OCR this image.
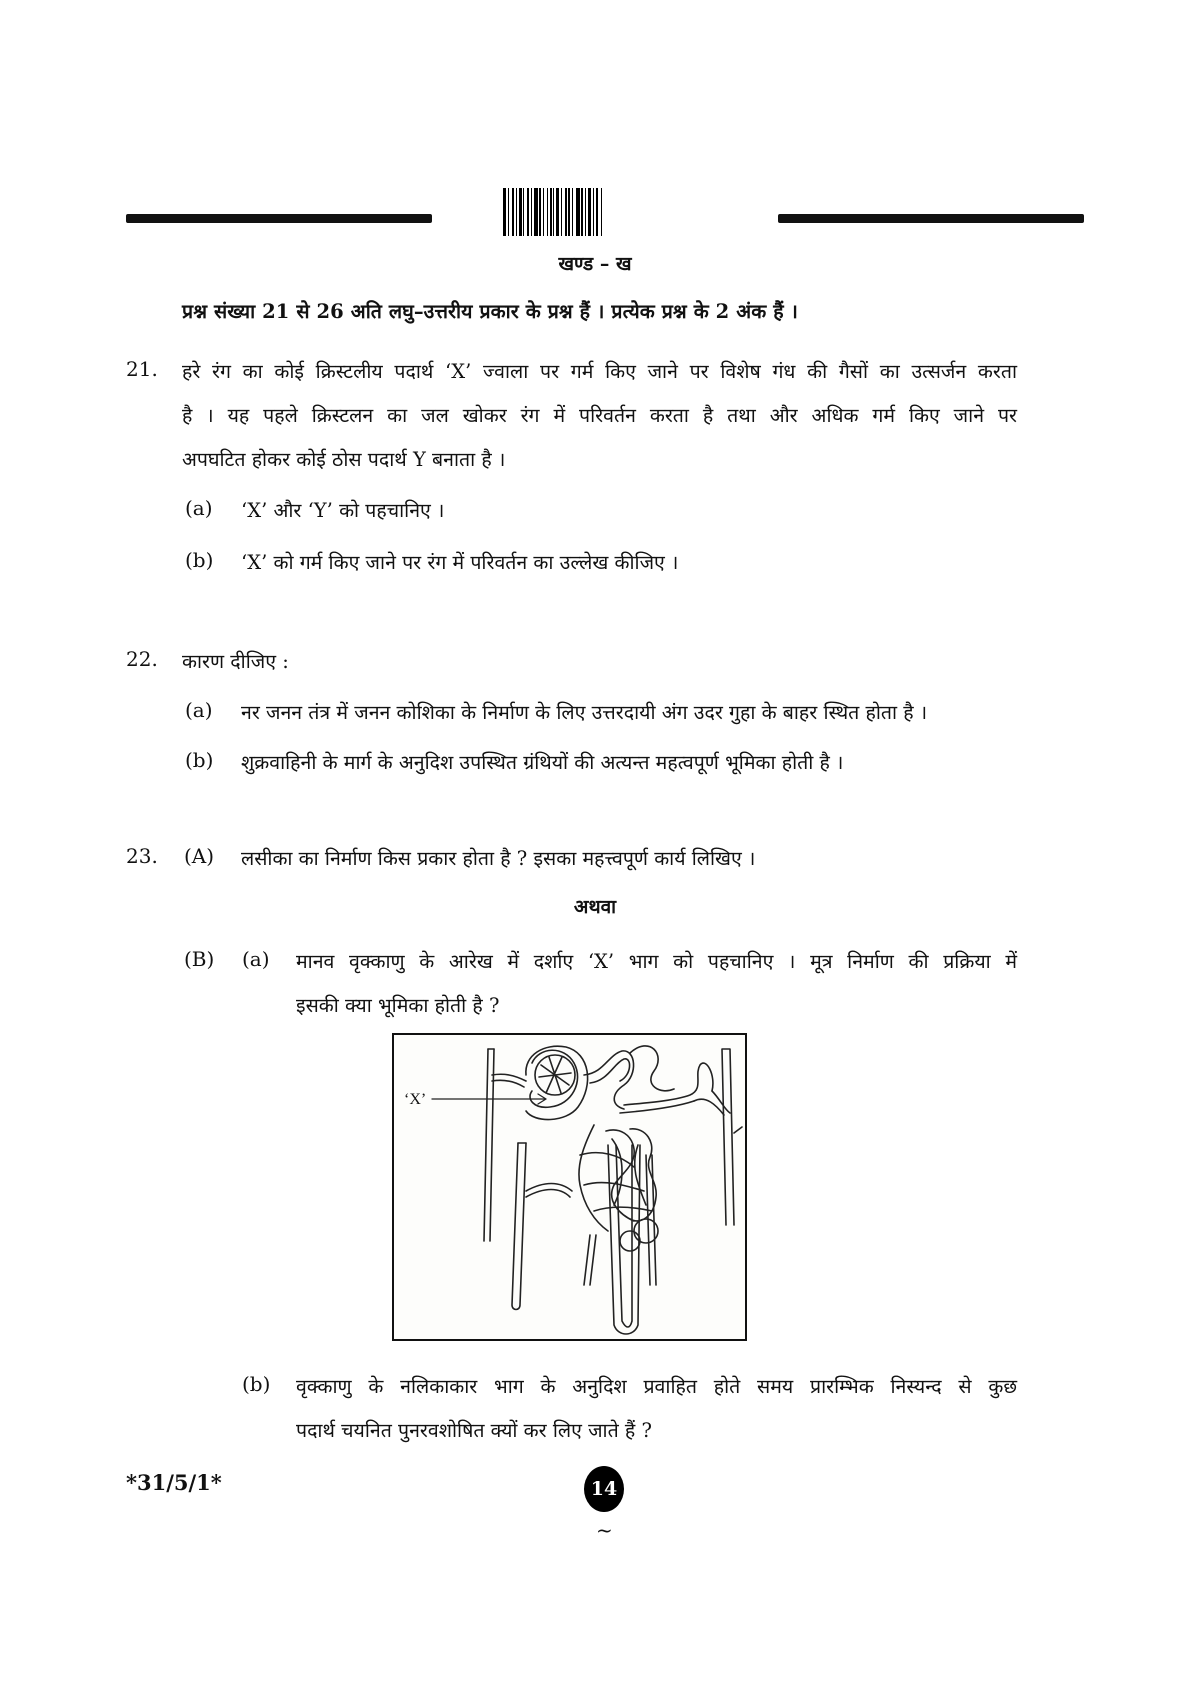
खण्ड – ख
प्रश्न संख्या 21 से 26 अति लघु–उत्तरीय प्रकार के प्रश्न हैं । प्रत्येक प्रश्न के 2 अंक हैं ।
21. हरे रंग का कोई क्रिस्टलीय पदार्थ ‘X’ ज्वाला पर गर्म किए जाने पर विशेष गंध की गैसों का उत्सर्जन करता
है । यह पहले क्रिस्टलन का जल खोकर रंग में परिवर्तन करता है तथा और अधिक गर्म किए जाने पर
अपघटित होकर कोई ठोस पदार्थ Y बनाता है ।
(a) ‘X’ और ‘Y’ को पहचानिए ।
(b) ‘X’ को गर्म किए जाने पर रंग में परिवर्तन का उल्लेख कीजिए ।
22. कारण दीजिए :
(a) नर जनन तंत्र में जनन कोशिका के निर्माण के लिए उत्तरदायी अंग उदर गुहा के बाहर स्थित होता है ।
(b) शुक्रवाहिनी के मार्ग के अनुदिश उपस्थित ग्रंथियों की अत्यन्त महत्वपूर्ण भूमिका होती है ।
23. (A) लसीका का निर्माण किस प्रकार होता है ? इसका महत्त्वपूर्ण कार्य लिखिए ।
अथवा
(B) (a) मानव वृक्काणु के आरेख में दर्शाए ‘X’ भाग को पहचानिए । मूत्र निर्माण की प्रक्रिया में
इसकी क्या भूमिका होती है ?
‘X’
(b) वृक्काणु के नलिकाकार भाग के अनुदिश प्रवाहित होते समय प्रारम्भिक निस्यन्द से कुछ
पदार्थ चयनित पुनरवशोषित क्यों कर लिए जाते हैं ?
*31/5/1*	14
~
